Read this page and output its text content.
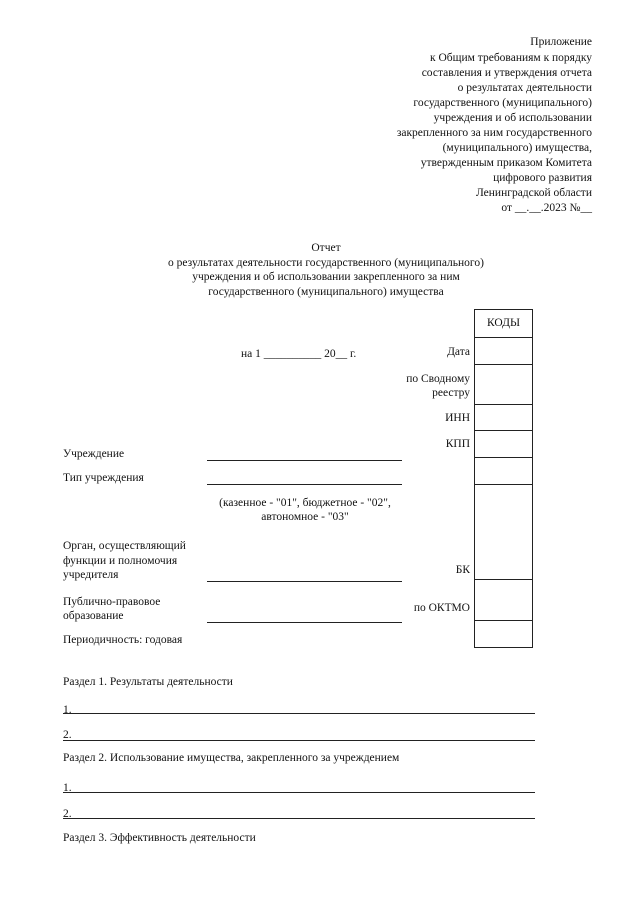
Приложение
к Общим требованиям к порядку
составления и утверждения отчета
о результатах деятельности
государственного (муниципального)
учреждения и об использовании
закрепленного за ним государственного
(муниципального) имущества,
утвержденным приказом Комитета
цифрового развития
Ленинградской области
от __.__.2023 №__
Отчет
о результатах деятельности государственного (муниципального)
учреждения и об использовании закрепленного за ним
государственного (муниципального) имущества
на 1 __________ 20__ г.	Дата
по Сводному
реестру
ИНН
КПП
БК
по ОКТМО
КОДЫ
Учреждение
Тип учреждения
(казенное - "01", бюджетное - "02",
автономное - "03"
Орган, осуществляющий
функции и полномочия
учредителя
Публично-правовое
образование
Периодичность: годовая
Раздел 1. Результаты деятельности
1.
2.
Раздел 2. Использование имущества, закрепленного за учреждением
1.
2.
Раздел 3. Эффективность деятельности
